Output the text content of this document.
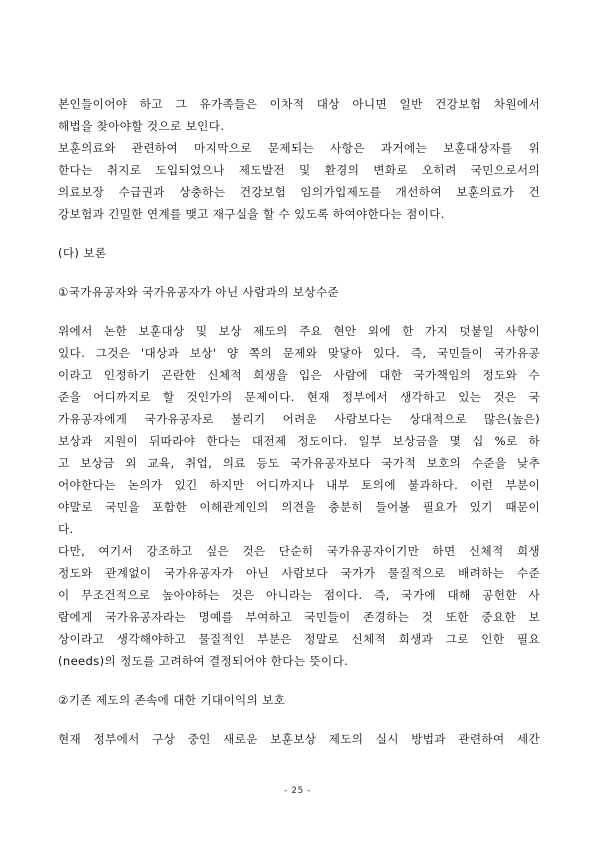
본인들이어야 하고 그 유가족들은 이차적 대상 아니면 일반 건강보험 차원에서
해법을 찾아야할 것으로 보인다.
보훈의료와 관련하여 마지막으로 문제되는 사항은 과거에는 보훈대상자를 위
한다는 취지로 도입되었으나 제도발전 및 환경의 변화로 오히려 국민으로서의
의료보장 수급권과 상충하는 건강보험 임의가입제도를 개선하여 보훈의료가 건
강보험과 긴밀한 연계를 맺고 재구실을 할 수 있도록 하여야한다는 점이다.
(다) 보론
①국가유공자와 국가유공자가 아닌 사람과의 보상수준
위에서 논한 보훈대상 및 보상 제도의 주요 현안 외에 한 가지 덧붙일 사항이
있다. 그것은 '대상과 보상' 양 쪽의 문제와 맞닿아 있다. 즉, 국민들이 국가유공
이라고 인정하기 곤란한 신체적 희생을 입은 사람에 대한 국가책임의 정도와 수
준을 어디까지로 할 것인가의 문제이다. 현재 정부에서 생각하고 있는 것은 국
가유공자에게 국가유공자로 불리기 어려운 사람보다는 상대적으로 많은(높은)
보상과 지원이 뒤따라야 한다는 대전제 정도이다. 일부 보상금을 몇 십 %로 하
고 보상금 외 교육, 취업, 의료 등도 국가유공자보다 국가적 보호의 수준을 낮추
어야한다는 논의가 있긴 하지만 어디까지나 내부 토의에 불과하다. 이런 부분이
야말로 국민을 포함한 이해관계인의 의견을 충분히 들어볼 필요가 있기 때문이
다.
다만, 여기서 강조하고 싶은 것은 단순히 국가유공자이기만 하면 신체적 희생
정도와 관계없이 국가유공자가 아닌 사람보다 국가가 물질적으로 배려하는 수준
이 무조건적으로 높아야하는 것은 아니라는 점이다. 즉, 국가에 대해 공헌한 사
람에게 국가유공자라는 명예를 부여하고 국민들이 존경하는 것 또한 중요한 보
상이라고 생각해야하고 물질적인 부분은 정말로 신체적 희생과 그로 인한 필요
(needs)의 정도를 고려하여 결정되어야 한다는 뜻이다.
②기존 제도의 존속에 대한 기대이익의 보호
현재 정부에서 구상 중인 새로운 보훈보상 제도의 실시 방법과 관련하여 세간
- 25 -
